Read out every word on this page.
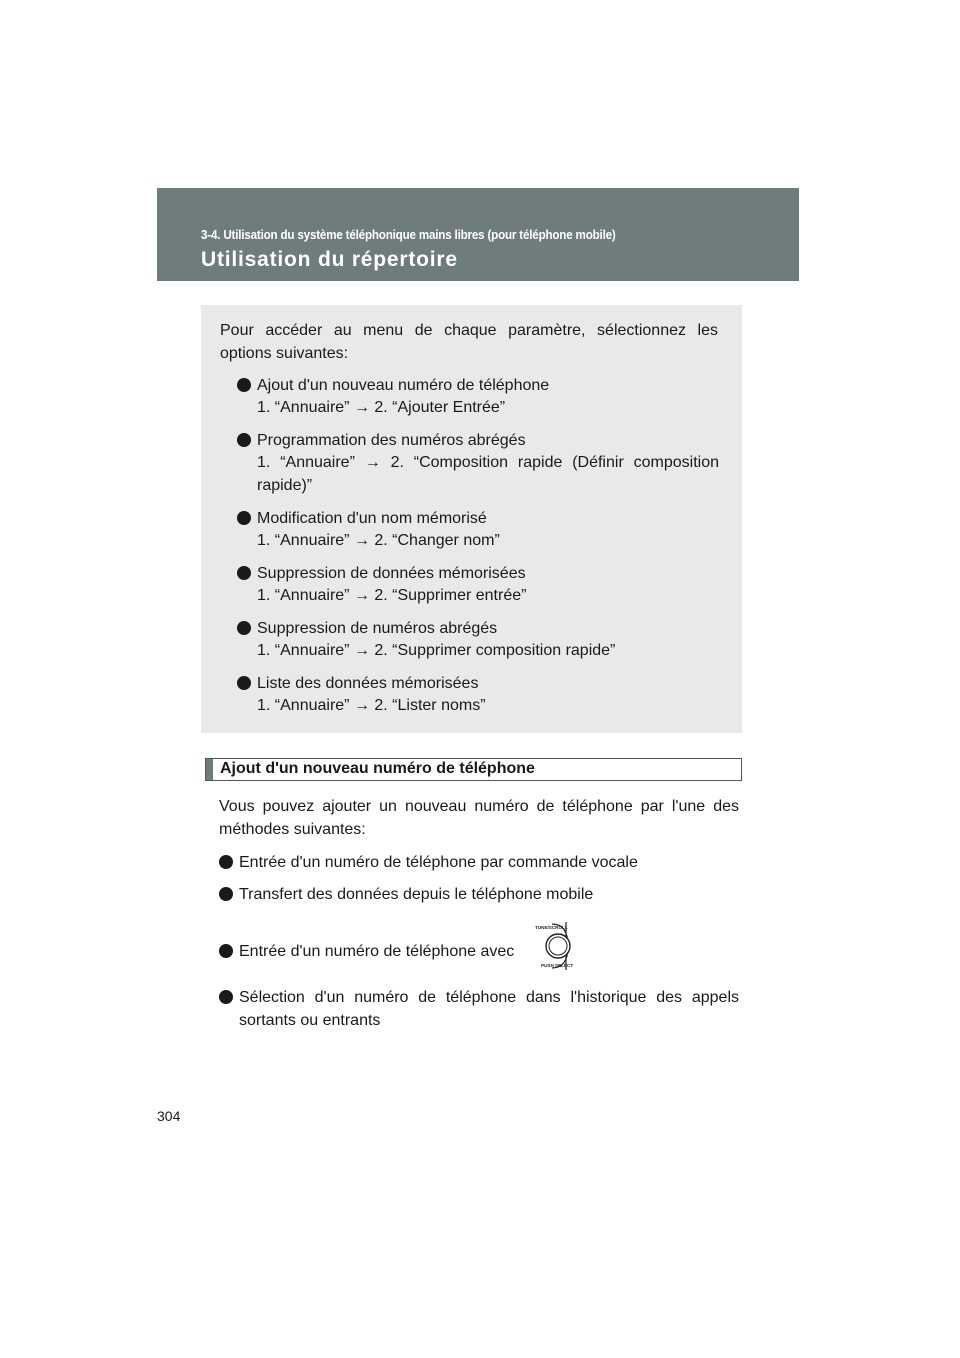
3-4. Utilisation du système téléphonique mains libres (pour téléphone mobile)
Utilisation du répertoire
Pour accéder au menu de chaque paramètre, sélectionnez les
options suivantes:
Ajout d'un nouveau numéro de téléphone
1. “Annuaire” → 2. “Ajouter Entrée”
Programmation des numéros abrégés
1. “Annuaire” → 2. “Composition rapide (Définir composition
rapide)”
Modification d'un nom mémorisé
1. “Annuaire” → 2. “Changer nom”
Suppression de données mémorisées
1. “Annuaire” → 2. “Supprimer entrée”
Suppression de numéros abrégés
1. “Annuaire” → 2. “Supprimer composition rapide”
Liste des données mémorisées
1. “Annuaire” → 2. “Lister noms”
Ajout d'un nouveau numéro de téléphone
Vous pouvez ajouter un nouveau numéro de téléphone par l'une des
méthodes suivantes:
Entrée d'un numéro de téléphone par commande vocale
Transfert des données depuis le téléphone mobile
Entrée d'un numéro de téléphone avec
TUNE/SCROLL
PUSH SELECT
Sélection d'un numéro de téléphone dans l'historique des appels
sortants ou entrants
304
